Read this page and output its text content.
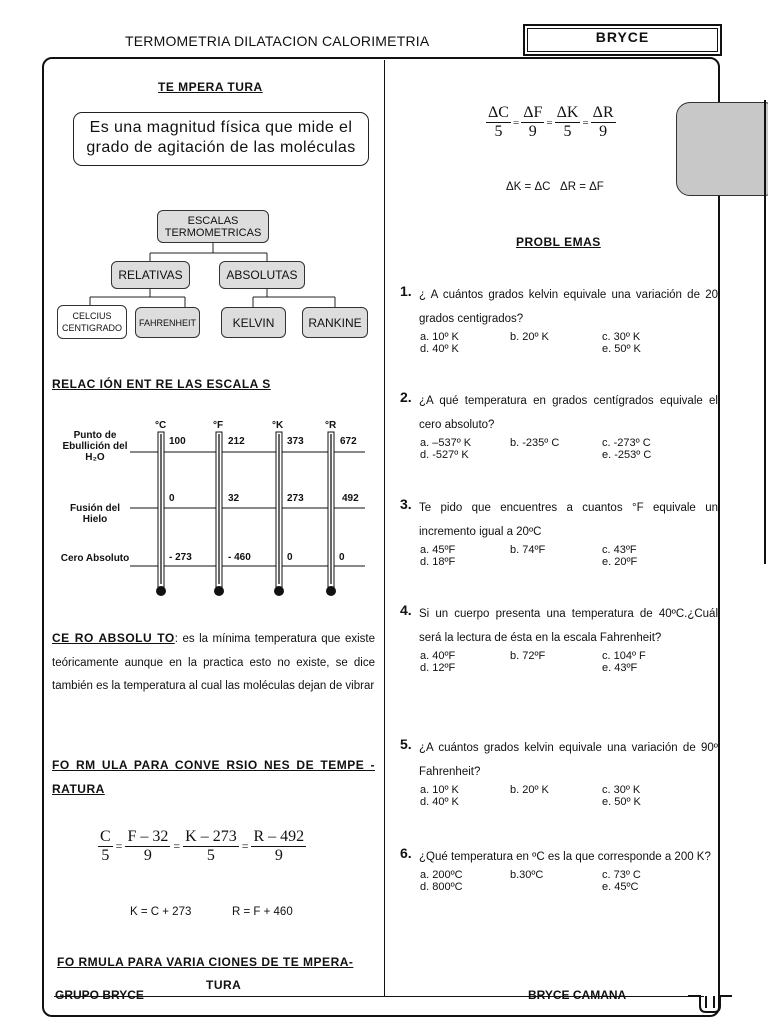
TERMOMETRIA DILATACION CALORIMETRIA	BRYCE
TE MPERA TURA
Es una magnitud física que mide el grado de agitación de las moléculas
ESCALAS TERMOMETRICAS
RELATIVAS	ABSOLUTAS
CELCIUS CENTIGRADO
FAHRENHEIT	KELVIN	RANKINE
RELAC IÓN ENT RE LAS ESCALA S
Punto de Ebullición del H₂O
Fusión del Hielo
Cero Absoluto
°C	°F	°K	°R
100	212	373	672
0	32	273	492
- 273	- 460	0	0
CE RO ABSOLU TO: es la mínima temperatura que existe teóricamente aunque en la practica esto no existe, se dice también es la temperatura al cual las moléculas dejan de vibrar
FO RM ULA PARA CONVE RSIO NES DE TEMPE - RATURA
$\frac{C}{5} = \frac{F - 32}{9} = \frac{K - 273}{5} = \frac{R - 492}{9}$
K = C + 273	R = F + 460
FO RMULA PARA VARIA CIONES DE TE MPERA-
TURA
$\frac{\Delta C}{5} = \frac{\Delta F}{9} = \frac{\Delta K}{5} = \frac{\Delta R}{9}$
ΔK = ΔC   ΔR = ΔF
PROBL EMAS
1. ¿ A cuántos grados kelvin equivale una variación de 20 grados centigrados?
a. 10º K	b. 20º K	c. 30º K
d. 40º K	e. 50º K
2. ¿A qué temperatura en grados centígrados equivale el cero absoluto?
a. –537º K	b. -235º C	c. -273º C
d. -527º K	e. -253º C
3. Te pido que encuentres a cuantos °F equivale un incremento igual a 20ºC
a. 45ºF	b. 74ºF	c. 43ºF
d. 18ºF	e. 20ºF
4. Si un cuerpo presenta una temperatura de 40ºC.¿Cuál será la lectura de ésta en la escala Fahrenheit?
a. 40ºF	b. 72ºF	c. 104º F
d. 12ºF	e. 43ºF
5. ¿A cuántos grados kelvin equivale una variación de 90º Fahrenheit?
a. 10º K	b. 20º K	c. 30º K
d. 40º K	e. 50º K
6. ¿Qué temperatura en ºC es la que corresponde a 200 K?
a. 200ºC	b.30ºC	c. 73º C
d. 800ºC	e. 45ºC
GRUPO BRYCE	BRYCE CAMANA
